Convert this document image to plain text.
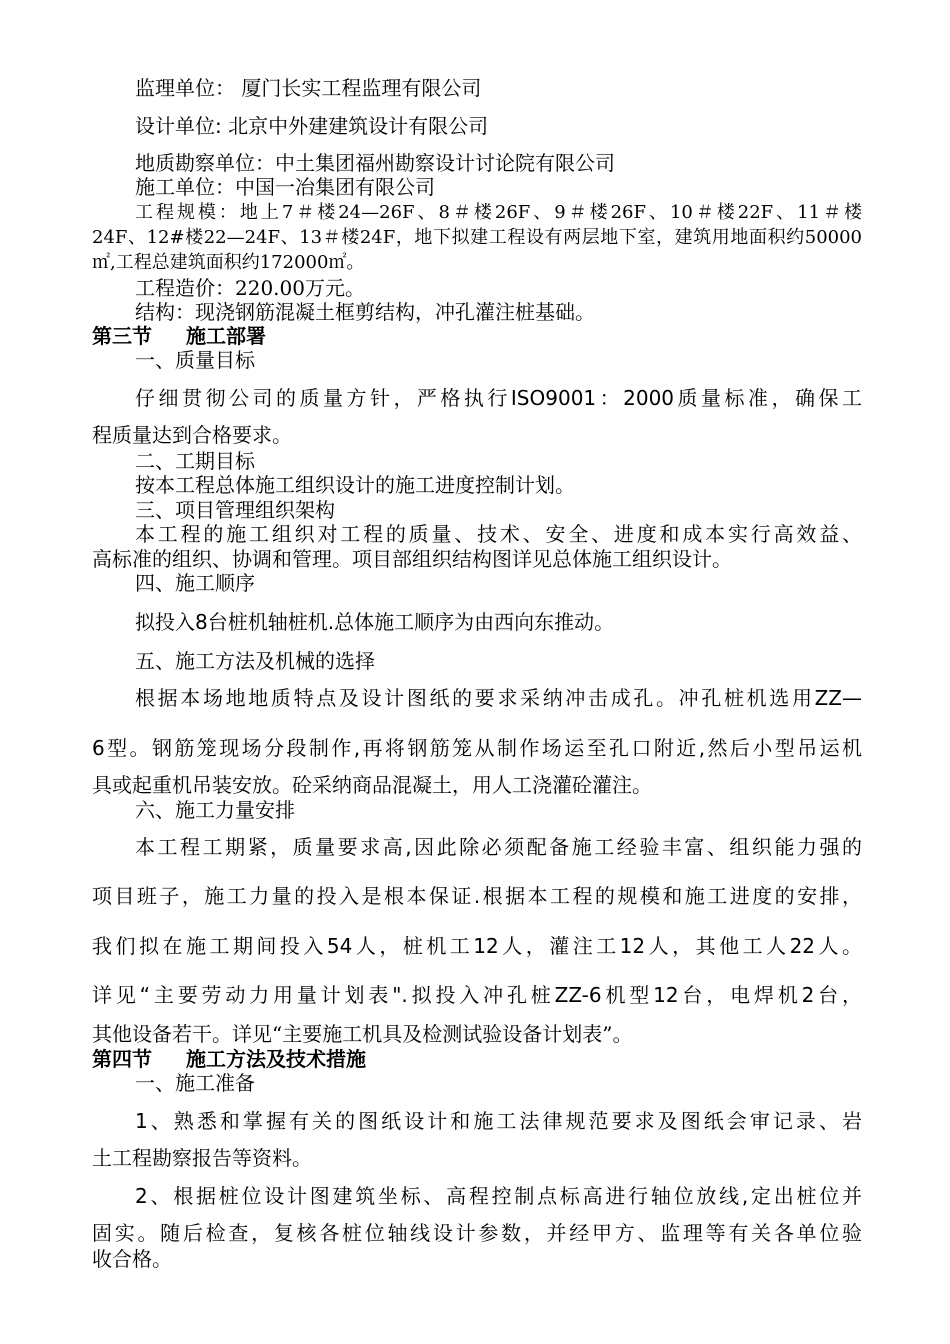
监理单位： 厦门长实工程监理有限公司
设计单位: 北京中外建建筑设计有限公司
地质勘察单位：中土集团福州勘察设计讨论院有限公司
施工单位：中国一冶集团有限公司
工程规模：地上7＃楼24—26F、8＃楼26F、9＃楼26F、10＃楼22F、11＃楼
24F、12#楼22—24F、13＃楼24F，地下拟建工程设有两层地下室，建筑用地面积约50000
㎡,工程总建筑面积约172000㎡。
工程造价：220.00万元。
结构：现浇钢筋混凝土框剪结构，冲孔灌注桩基础。
第三节 施工部署
一、质量目标
仔细贯彻公司的质量方针，严格执行ISO9001：2000质量标准，确保工
程质量达到合格要求。
二、工期目标
按本工程总体施工组织设计的施工进度控制计划。
三、项目管理组织架构
本工程的施工组织对工程的质量、技术、安全、进度和成本实行高效益、
高标准的组织、协调和管理。项目部组织结构图详见总体施工组织设计。
四、施工顺序
拟投入8台桩机轴桩机.总体施工顺序为由西向东推动。
五、施工方法及机械的选择
根据本场地地质特点及设计图纸的要求采纳冲击成孔。冲孔桩机选用ZZ—
6型。钢筋笼现场分段制作,再将钢筋笼从制作场运至孔口附近,然后小型吊运机
具或起重机吊装安放。砼采纳商品混凝土，用人工浇灌砼灌注。
六、施工力量安排
本工程工期紧，质量要求高,因此除必须配备施工经验丰富、组织能力强的
项目班子，施工力量的投入是根本保证.根据本工程的规模和施工进度的安排，
我们拟在施工期间投入54人，桩机工12人，灌注工12人，其他工人22人。
详见“主要劳动力用量计划表".拟投入冲孔桩ZZ-6机型12台，电焊机2台，
其他设备若干。详见“主要施工机具及检测试验设备计划表”。
第四节 施工方法及技术措施
一、施工准备
1、熟悉和掌握有关的图纸设计和施工法律规范要求及图纸会审记录、岩
土工程勘察报告等资料。
2、根据桩位设计图建筑坐标、高程控制点标高进行轴位放线,定出桩位并
固实。随后检查，复核各桩位轴线设计参数，并经甲方、监理等有关各单位验
收合格。
